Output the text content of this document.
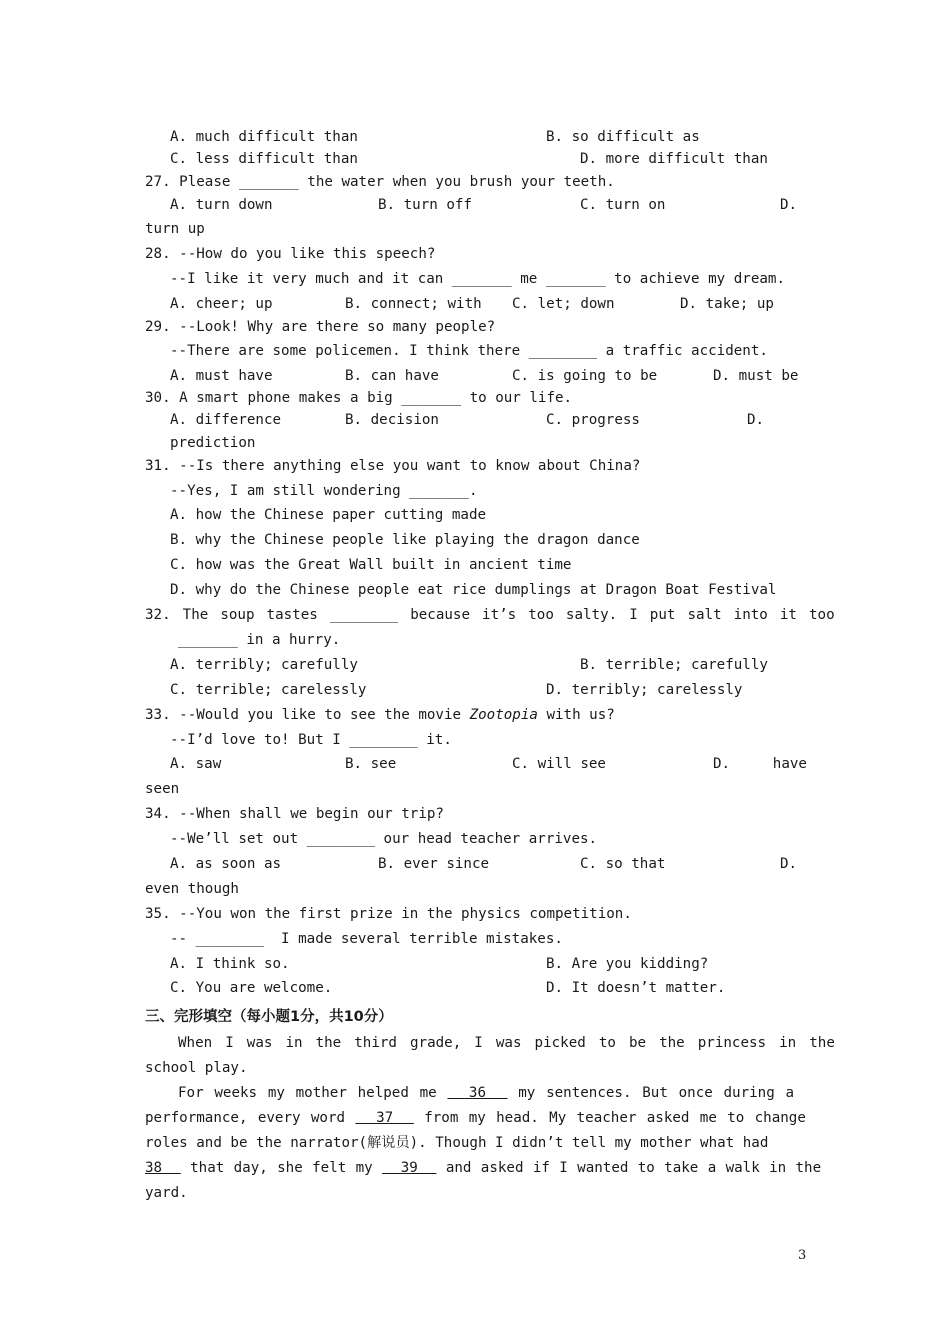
A. much difficult than	B. so difficult as
C. less difficult than	D. more difficult than
27. Please _______ the water when you brush your teeth.
A. turn down	B. turn off	C. turn on	D.
turn up
28. --How do you like this speech?
--I like it very much and it can _______ me _______ to achieve my dream.
A. cheer; up	B. connect; with C. let; down	D. take; up
29. --Look! Why are there so many people?
--There are some policemen. I think there ________ a traffic accident.
A. must have	B. can have	C. is going to be	D. must be
30. A smart phone makes a big _______ to our life.
A. difference	B. decision	C. progress	D.
prediction
31. --Is there anything else you want to know about China?
--Yes, I am still wondering _______.
A. how the Chinese paper cutting made
B. why the Chinese people like playing the dragon dance
C. how was the Great Wall built in ancient time
D. why do the Chinese people eat rice dumplings at Dragon Boat Festival
32. The soup tastes ________ because it’s too salty. I put salt into it too
_______ in a hurry.
A. terribly; carefully	B. terrible; carefully
C. terrible; carelessly	D. terribly; carelessly
33. --Would you like to see the movie Zootopia with us?
--I’d love to! But I ________ it.
A. saw	B. see	C. will see	D.     have
seen
34. --When shall we begin our trip?
--We’ll set out ________ our head teacher arrives.
A. as soon as	B. ever since	C. so that	D.
even though
35. --You won the first prize in the physics competition.
-- ________  I made several terrible mistakes.
A. I think so.	B. Are you kidding?
C. You are welcome.	D. It doesn’t matter.
三、完形填空（每小题1分，共10分）
When I was in the third grade, I was picked to be the princess in the
school play.
For weeks my mother helped me   36   my sentences. But once during a
performance, every word   37   from my head. My teacher asked me to change
roles and be the narrator(解说员). Though I didn’t tell my mother what had
38   that day, she felt my   39   and asked if I wanted to take a walk in the
yard.
3
